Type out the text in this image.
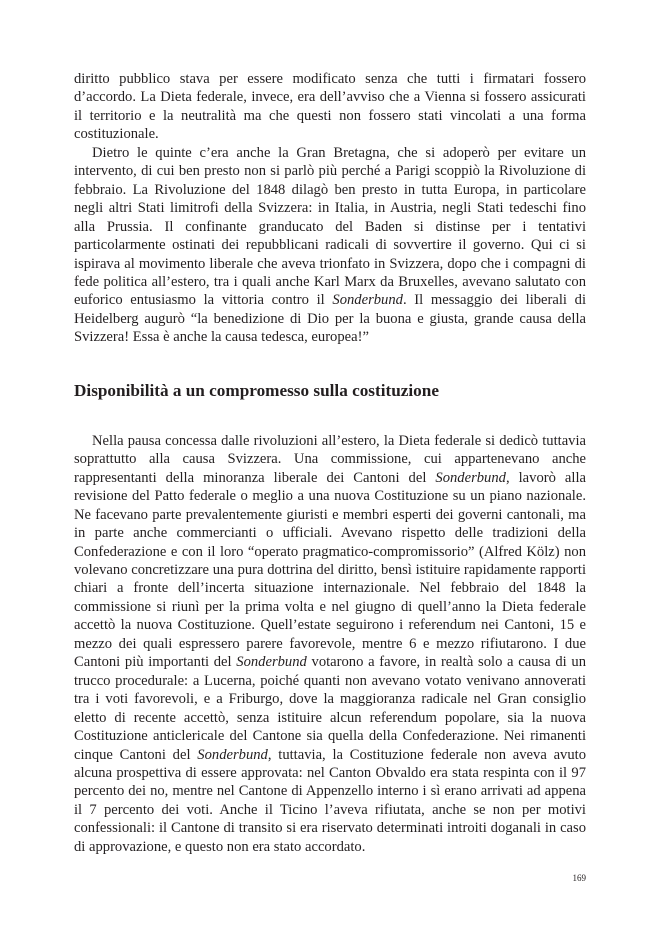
diritto pubblico stava per essere modificato senza che tutti i firmatari fossero d’accordo. La Dieta federale, invece, era dell’avviso che a Vienna si fossero assicurati il territorio e la neutralità ma che questi non fossero stati vincolati a una forma costituzionale.

Dietro le quinte c’era anche la Gran Bretagna, che si adoperò per evitare un intervento, di cui ben presto non si parlò più perché a Parigi scoppiò la Rivoluzione di febbraio. La Rivoluzione del 1848 dilagò ben presto in tutta Europa, in particolare negli altri Stati limitrofi della Svizzera: in Italia, in Austria, negli Stati tedeschi fino alla Prussia. Il confinante granducato del Baden si distinse per i tentativi particolarmente ostinati dei repubblicani radicali di sovvertire il governo. Qui ci si ispirava al movimento liberale che aveva trionfato in Svizzera, dopo che i compagni di fede politica all’estero, tra i quali anche Karl Marx da Bruxelles, avevano salutato con euforico entusiasmo la vittoria contro il Sonderbund. Il messaggio dei liberali di Heidelberg augurò “la benedizione di Dio per la buona e giusta, grande causa della Svizzera! Essa è anche la causa tedesca, europea!”

Disponibilità a un compromesso sulla costituzione

Nella pausa concessa dalle rivoluzioni all’estero, la Dieta federale si dedicò tuttavia soprattutto alla causa Svizzera. Una commissione, cui appartenevano anche rappresentanti della minoranza liberale dei Cantoni del Sonderbund, lavorò alla revisione del Patto federale o meglio a una nuova Costituzione su un piano nazionale. Ne facevano parte prevalentemente giuristi e membri esperti dei governi cantonali, ma in parte anche commercianti o ufficiali. Avevano rispetto delle tradizioni della Confederazione e con il loro “operato pragmatico-compromissorio” (Alfred Kölz) non volevano concretizzare una pura dottrina del diritto, bensì istituire rapidamente rapporti chiari a fronte dell’incerta situazione internazionale. Nel febbraio del 1848 la commissione si riunì per la prima volta e nel giugno di quell’anno la Dieta federale accettò la nuova Costituzione. Quell’estate seguirono i referendum nei Cantoni, 15 e mezzo dei quali espressero parere favorevole, mentre 6 e mezzo rifiutarono. I due Cantoni più importanti del Sonderbund votarono a favore, in realtà solo a causa di un trucco procedurale: a Lucerna, poiché quanti non avevano votato venivano annoverati tra i voti favorevoli, e a Friburgo, dove la maggioranza radicale nel Gran consiglio eletto di recente accettò, senza istituire alcun referendum popolare, sia la nuova Costituzione anticlericale del Cantone sia quella della Confederazione. Nei rimanenti cinque Cantoni del Sonderbund, tuttavia, la Costituzione federale non aveva avuto alcuna prospettiva di essere approvata: nel Canton Obvaldo era stata respinta con il 97 percento dei no, mentre nel Cantone di Appenzello interno i sì erano arrivati ad appena il 7 percento dei voti. Anche il Ticino l’aveva rifiutata, anche se non per motivi confessionali: il Cantone di transito si era riservato determinati introiti doganali in caso di approvazione, e questo non era stato accordato.

169
